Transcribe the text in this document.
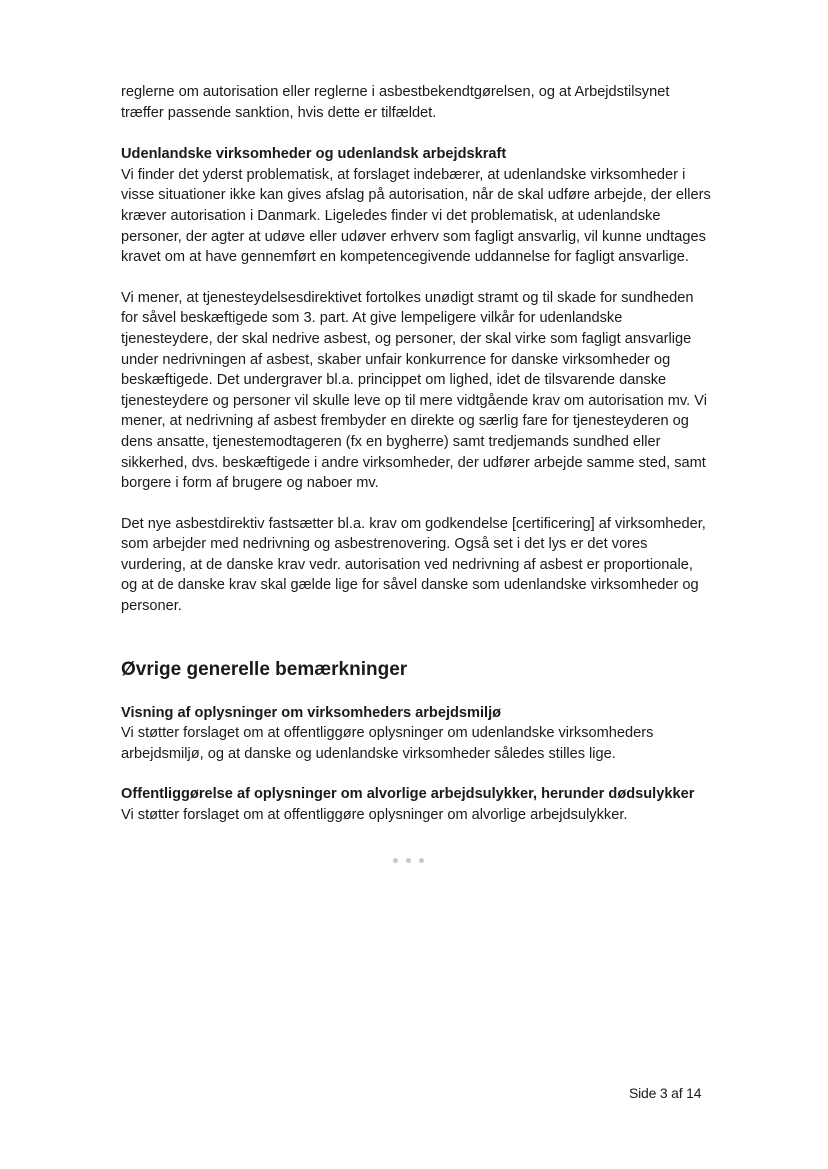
reglerne om autorisation eller reglerne i asbestbekendtgørelsen, og at Arbejdstilsynet træffer passende sanktion, hvis dette er tilfældet.

Udenlandske virksomheder og udenlandsk arbejdskraft

Vi finder det yderst problematisk, at forslaget indebærer, at udenlandske virksomheder i visse situationer ikke kan gives afslag på autorisation, når de skal udføre arbejde, der ellers kræver autorisation i Danmark. Ligeledes finder vi det problematisk, at udenlandske personer, der agter at udøve eller udøver erhverv som fagligt ansvarlig, vil kunne undtages kravet om at have gennemført en kompetencegivende uddannelse for fagligt ansvarlige.

Vi mener, at tjenesteydelsesdirektivet fortolkes unødigt stramt og til skade for sundheden for såvel beskæftigede som 3. part. At give lempeligere vilkår for udenlandske tjenesteydere, der skal nedrive asbest, og personer, der skal virke som fagligt ansvarlige under nedrivningen af asbest, skaber unfair konkurrence for danske virksomheder og beskæftigede. Det undergraver bl.a. princippet om lighed, idet de tilsvarende danske tjenesteydere og personer vil skulle leve op til mere vidtgående krav om autorisation mv. Vi mener, at nedrivning af asbest frembyder en direkte og særlig fare for tjenesteyderen og dens ansatte, tjenestemodtageren (fx en bygherre) samt tredjemands sundhed eller sikkerhed, dvs. beskæftigede i andre virksomheder, der udfører arbejde samme sted, samt borgere i form af brugere og naboer mv.

Det nye asbestdirektiv fastsætter bl.a. krav om godkendelse [certificering] af virksomheder, som arbejder med nedrivning og asbestrenovering. Også set i det lys er det vores vurdering, at de danske krav vedr. autorisation ved nedrivning af asbest er proportionale, og at de danske krav skal gælde lige for såvel danske som udenlandske virksomheder og personer.

Øvrige generelle bemærkninger

Visning af oplysninger om virksomheders arbejdsmiljø

Vi støtter forslaget om at offentliggøre oplysninger om udenlandske virksomheders arbejdsmiljø, og at danske og udenlandske virksomheder således stilles lige.

Offentliggørelse af oplysninger om alvorlige arbejdsulykker, herunder dødsulykker

Vi støtter forslaget om at offentliggøre oplysninger om alvorlige arbejdsulykker.

Side 3 af 14
